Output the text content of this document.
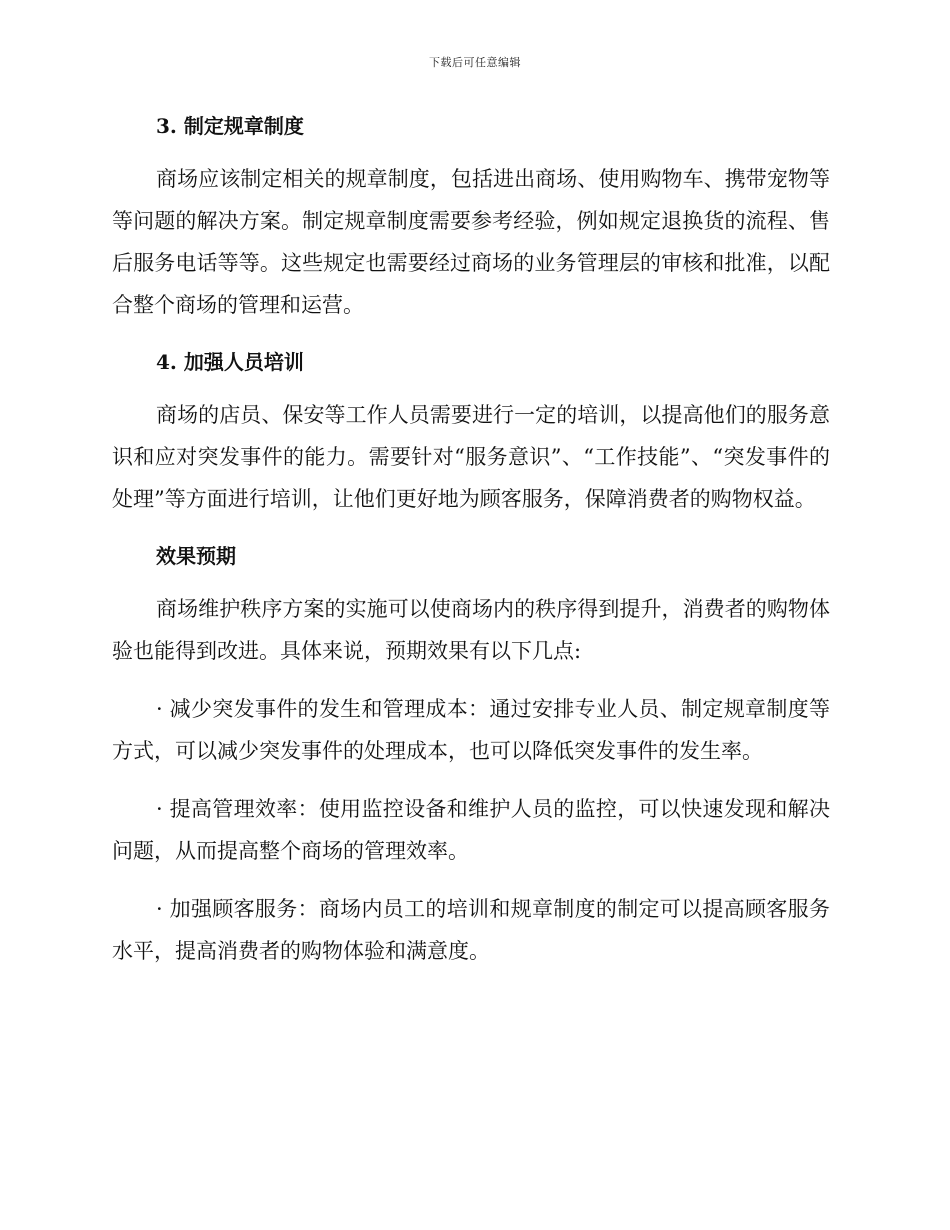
下载后可任意编辑
3. 制定规章制度

商场应该制定相关的规章制度，包括进出商场、使用购物车、携带宠物等等问题的解决方案。制定规章制度需要参考经验，例如规定退换货的流程、售后服务电话等等。这些规定也需要经过商场的业务管理层的审核和批准，以配合整个商场的管理和运营。

4. 加强人员培训

商场的店员、保安等工作人员需要进行一定的培训，以提高他们的服务意识和应对突发事件的能力。需要针对“服务意识”、“工作技能”、“突发事件的处理”等方面进行培训，让他们更好地为顾客服务，保障消费者的购物权益。

效果预期

商场维护秩序方案的实施可以使商场内的秩序得到提升，消费者的购物体验也能得到改进。具体来说，预期效果有以下几点:

· 减少突发事件的发生和管理成本：通过安排专业人员、制定规章制度等方式，可以减少突发事件的处理成本，也可以降低突发事件的发生率。

· 提高管理效率：使用监控设备和维护人员的监控，可以快速发现和解决问题，从而提高整个商场的管理效率。

· 加强顾客服务：商场内员工的培训和规章制度的制定可以提高顾客服务水平，提高消费者的购物体验和满意度。
